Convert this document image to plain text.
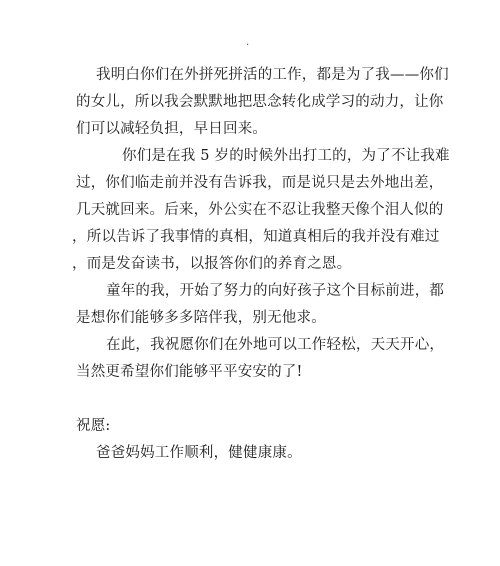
.
我明白你们在外拼死拼活的工作，都是为了我——你们
的女儿，所以我会默默地把思念转化成学习的动力，让你
们可以减轻负担，早日回来。
你们是在我 5 岁的时候外出打工的，为了不让我难
过，你们临走前并没有告诉我，而是说只是去外地出差，
几天就回来。后来，外公实在不忍让我整天像个泪人似的
，所以告诉了我事情的真相，知道真相后的我并没有难过
，而是发奋读书，以报答你们的养育之恩。
童年的我，开始了努力的向好孩子这个目标前进，都
是想你们能够多多陪伴我，别无他求。
在此，我祝愿你们在外地可以工作轻松，天天开心，
当然更希望你们能够平平安安的了!
祝愿:
爸爸妈妈工作顺利，健健康康。
